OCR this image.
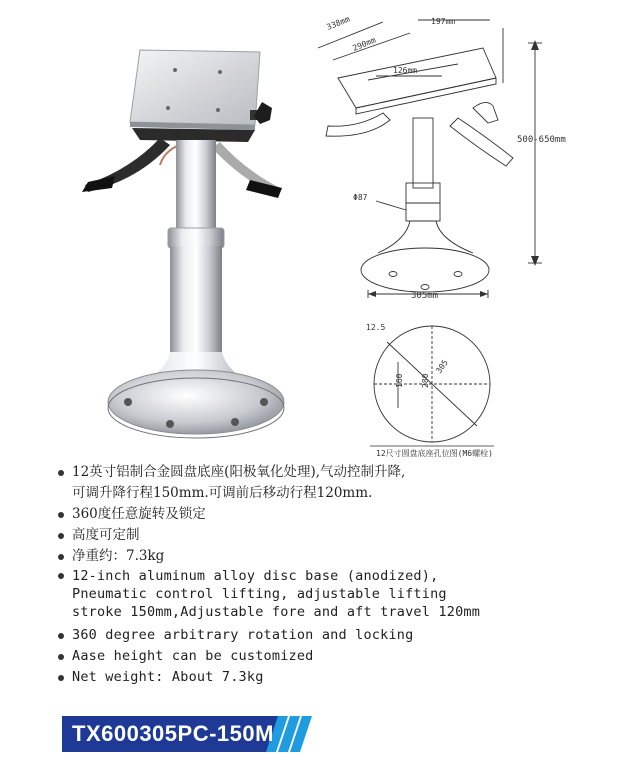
338mm	197mm
290mm
126mm
500-650mm
Φ87
305mm
12.5
160 280
305
12尺寸圆盘底座孔位图(M6螺栓)
12英寸铝制合金圆盘底座(阳极氧化处理),气动控制升降,
可调升降行程150mm.可调前后移动行程120mm.
360度任意旋转及锁定
高度可定制
净重约：7.3kg
12-inch aluminum alloy disc base (anodized),
Pneumatic control lifting, adjustable lifting
stroke 150mm,Adjustable fore and aft travel 120mm
360 degree arbitrary rotation and locking
Aase height can be customized
Net weight: About 7.3kg
TX600305PC-150M
